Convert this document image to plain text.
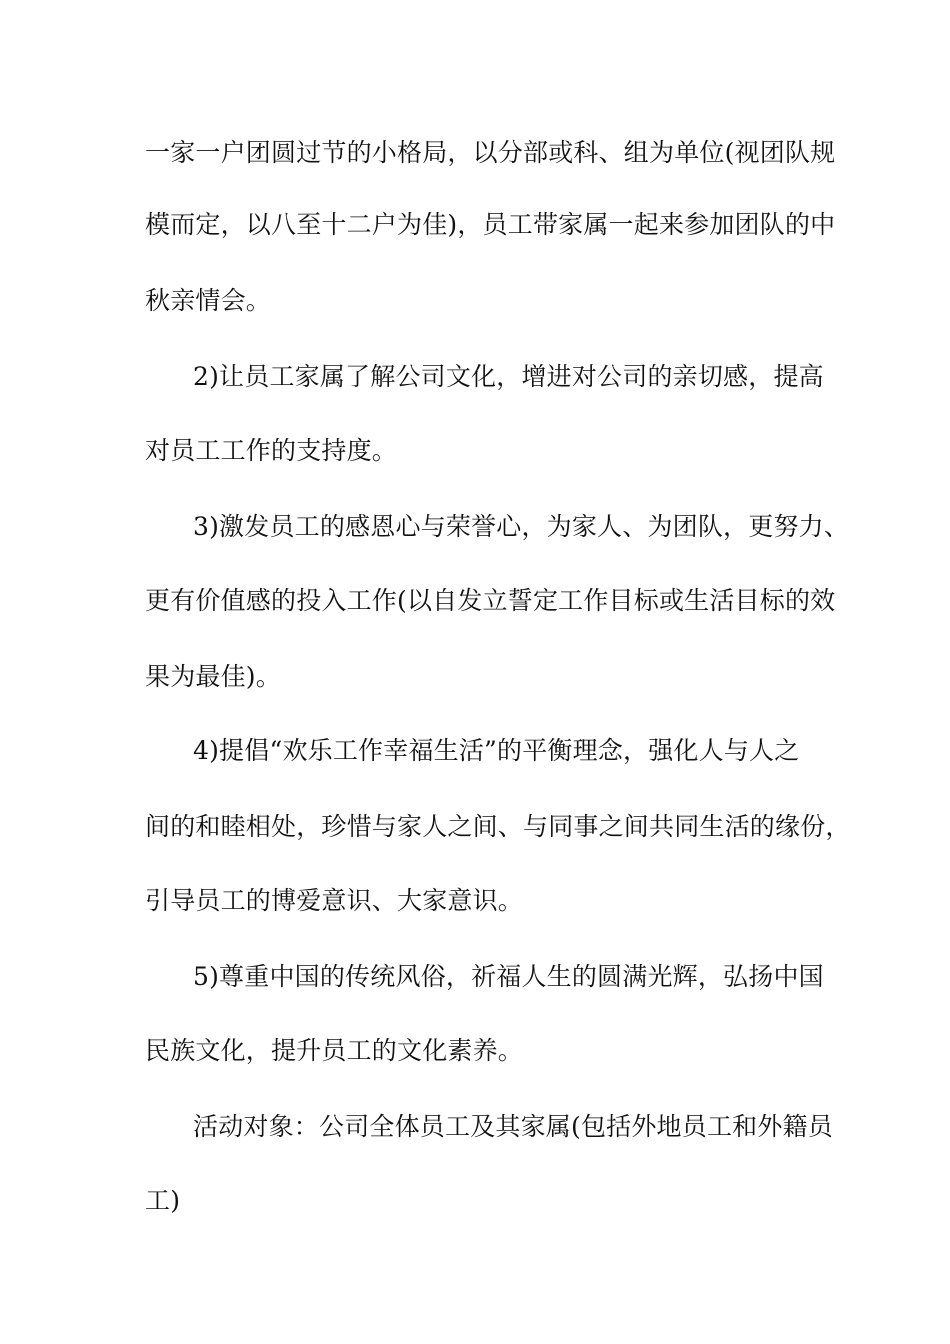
一家一户团圆过节的小格局，以分部或科、组为单位(视团队规
模而定，以八至十二户为佳)，员工带家属一起来参加团队的中
秋亲情会。
2)让员工家属了解公司文化，增进对公司的亲切感，提高
对员工工作的支持度。
3)激发员工的感恩心与荣誉心，为家人、为团队，更努力、
更有价值感的投入工作(以自发立誓定工作目标或生活目标的效
果为最佳)。
4)提倡“欢乐工作幸福生活”的平衡理念，强化人与人之
间的和睦相处，珍惜与家人之间、与同事之间共同生活的缘份，
引导员工的博爱意识、大家意识。
5)尊重中国的传统风俗，祈福人生的圆满光辉，弘扬中国
民族文化，提升员工的文化素养。
活动对象：公司全体员工及其家属(包括外地员工和外籍员
工)
